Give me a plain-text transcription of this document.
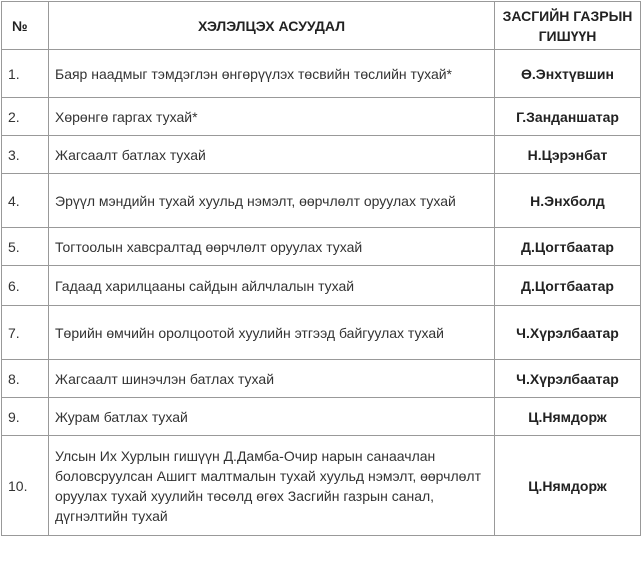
№	ХЭЛЭЛЦЭХ АСУУДАЛ	ЗАСГИЙН ГАЗРЫН ГИШҮҮН
1.	Баяр наадмыг тэмдэглэн өнгөрүүлэх төсвийн төслийн тухай*	Ө.Энхтүвшин
2.	Хөрөнгө гаргах тухай*	Г.Занданшатар
3.	Жагсаалт батлах тухай	Н.Цэрэнбат
4.	Эрүүл мэндийн тухай хуульд нэмэлт, өөрчлөлт оруулах тухай	Н.Энхболд
5.	Тогтоолын хавсралтад өөрчлөлт оруулах тухай	Д.Цогтбаатар
6.	Гадаад харилцааны сайдын айлчлалын тухай	Д.Цогтбаатар
7.	Төрийн өмчийн оролцоотой хуулийн этгээд байгуулах тухай	Ч.Хүрэлбаатар
8.	Жагсаалт шинэчлэн батлах тухай	Ч.Хүрэлбаатар
9.	Журам батлах тухай	Ц.Нямдорж
10.	Улсын Их Хурлын гишүүн Д.Дамба-Очир нарын санаачлан боловсруулсан Ашигт малтмалын тухай хуульд нэмэлт, өөрчлөлт оруулах тухай хуулийн төсөлд өгөх Засгийн газрын санал, дүгнэлтийн тухай	Ц.Нямдорж
